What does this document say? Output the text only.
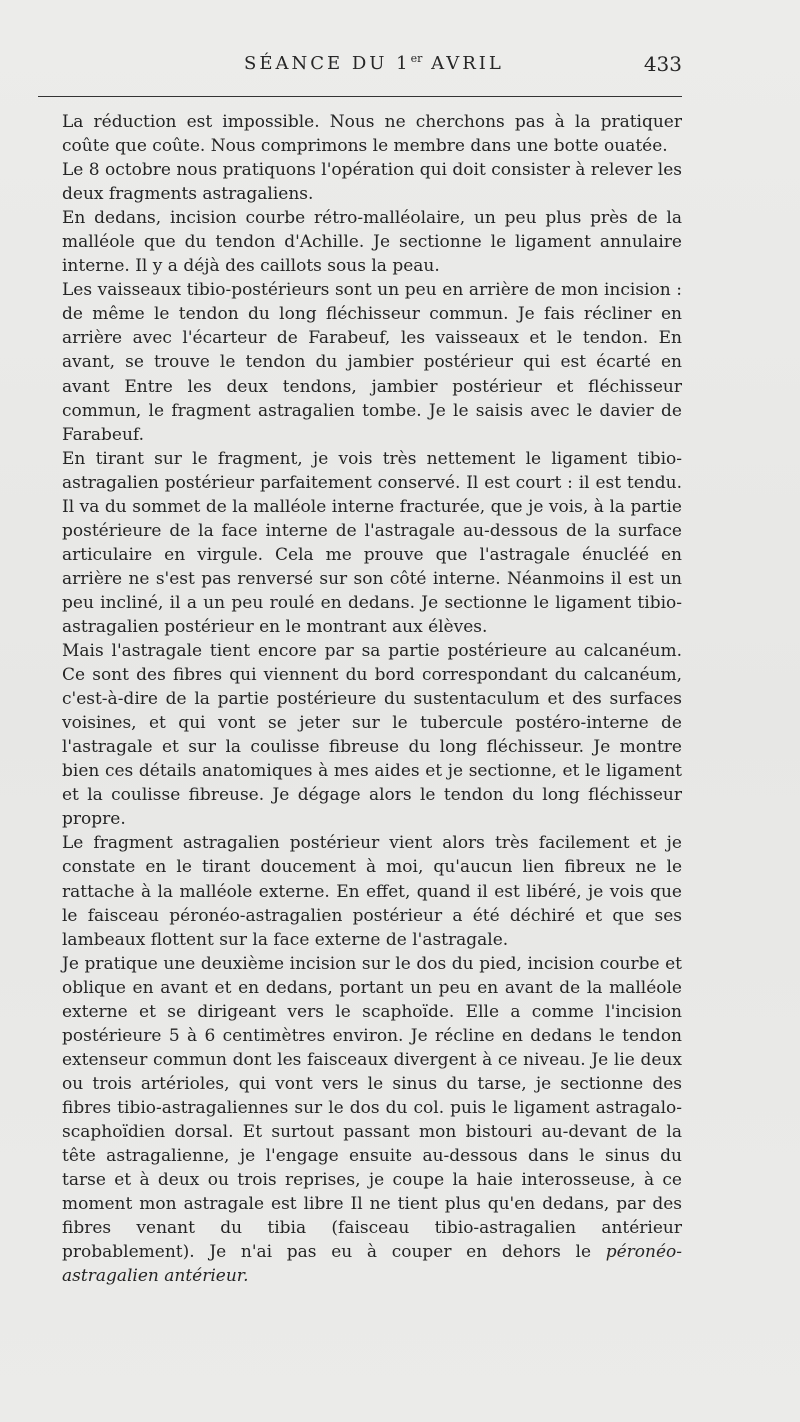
SÉANCE DU 1er AVRIL	433

La réduction est impossible. Nous ne cherchons pas à la pratiquer coûte que coûte. Nous comprimons le membre dans une botte ouatée.

Le 8 octobre nous pratiquons l'opération qui doit consister à relever les deux fragments astragaliens.

En dedans, incision courbe rétro-malléolaire, un peu plus près de la malléole que du tendon d'Achille. Je sectionne le ligament annulaire interne. Il y a déjà des caillots sous la peau.

Les vaisseaux tibio-postérieurs sont un peu en arrière de mon incision : de même le tendon du long fléchisseur commun. Je fais récliner en arrière avec l'écarteur de Farabeuf, les vaisseaux et le tendon. En avant, se trouve le tendon du jambier postérieur qui est écarté en avant Entre les deux tendons, jambier postérieur et fléchisseur commun, le fragment astragalien tombe. Je le saisis avec le davier de Farabeuf.

En tirant sur le fragment, je vois très nettement le ligament tibio-astragalien postérieur parfaitement conservé. Il est court : il est tendu. Il va du sommet de la malléole interne fracturée, que je vois, à la partie postérieure de la face interne de l'astragale au-dessous de la surface articulaire en virgule. Cela me prouve que l'astragale énucléé en arrière ne s'est pas renversé sur son côté interne. Néanmoins il est un peu incliné, il a un peu roulé en dedans. Je sectionne le ligament tibio-astragalien postérieur en le montrant aux élèves.

Mais l'astragale tient encore par sa partie postérieure au calcanéum. Ce sont des fibres qui viennent du bord correspondant du calcanéum, c'est-à-dire de la partie postérieure du sustentaculum et des surfaces voisines, et qui vont se jeter sur le tubercule postéro-interne de l'astragale et sur la coulisse fibreuse du long fléchisseur. Je montre bien ces détails anatomiques à mes aides et je sectionne, et le ligament et la coulisse fibreuse. Je dégage alors le tendon du long fléchisseur propre.

Le fragment astragalien postérieur vient alors très facilement et je constate en le tirant doucement à moi, qu'aucun lien fibreux ne le rattache à la malléole externe. En effet, quand il est libéré, je vois que le faisceau péronéo-astragalien postérieur a été déchiré et que ses lambeaux flottent sur la face externe de l'astragale.

Je pratique une deuxième incision sur le dos du pied, incision courbe et oblique en avant et en dedans, portant un peu en avant de la malléole externe et se dirigeant vers le scaphoïde. Elle a comme l'incision postérieure 5 à 6 centimètres environ. Je récline en dedans le tendon extenseur commun dont les faisceaux divergent à ce niveau. Je lie deux ou trois artérioles, qui vont vers le sinus du tarse, je sectionne des fibres tibio-astragaliennes sur le dos du col. puis le ligament astragalo-scaphoïdien dorsal. Et surtout passant mon bistouri au-devant de la tête astragalienne, je l'engage ensuite au-dessous dans le sinus du tarse et à deux ou trois reprises, je coupe la haie interosseuse, à ce moment mon astragale est libre Il ne tient plus qu'en dedans, par des fibres venant du tibia (faisceau tibio-astragalien antérieur probablement). Je n'ai pas eu à couper en dehors le péronéo-astragalien antérieur.
